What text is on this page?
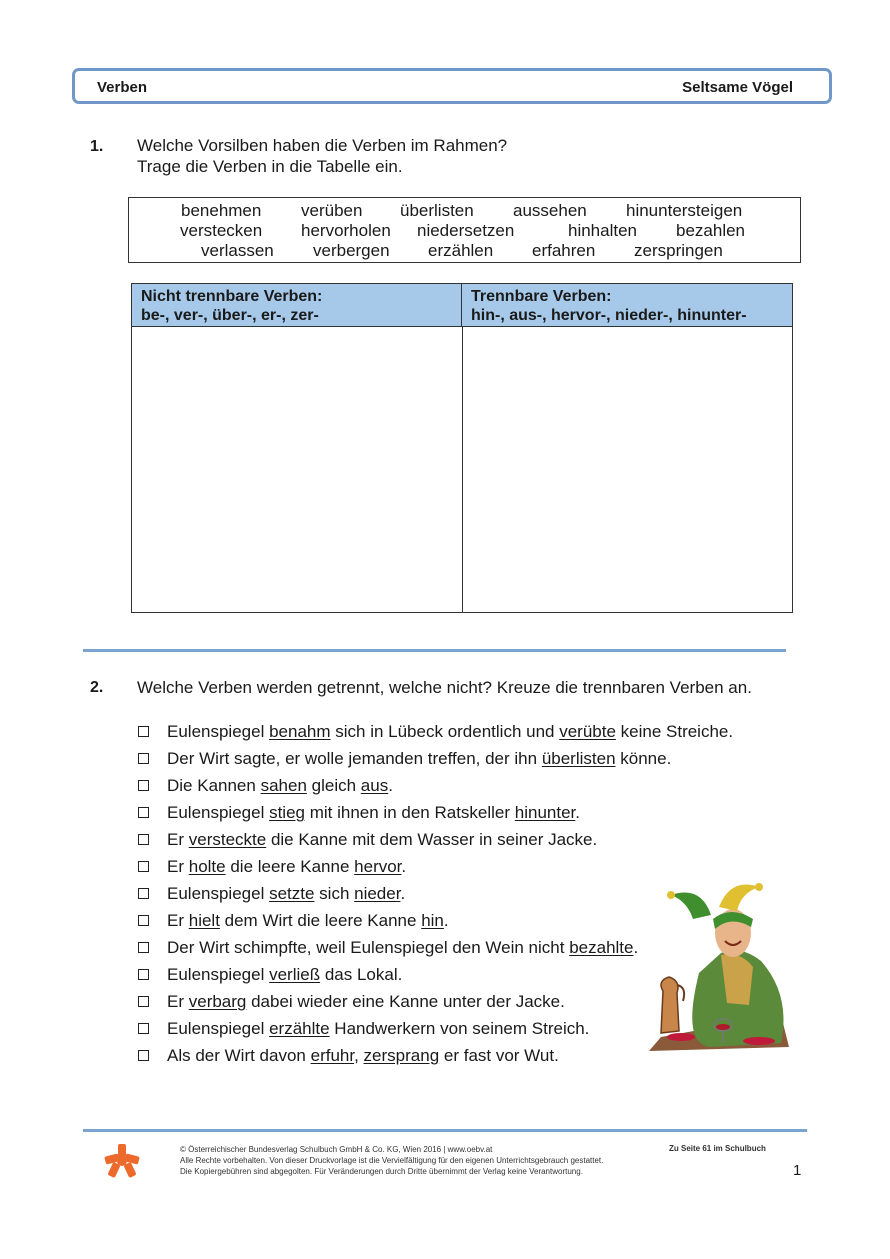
Verben	Seltsame Vögel
1. Welche Vorsilben haben die Verben im Rahmen?
Trage die Verben in die Tabelle ein.
benehmen verüben überlisten aussehen hinuntersteigen
verstecken hervorholen niedersetzen	hinhalten bezahlen
verlassen verbergen erzählen erfahren zerspringen
Nicht trennbare Verben:
be-, ver-, über-, er-, zer-
Trennbare Verben:
hin-, aus-, hervor-, nieder-, hinunter-
2. Welche Verben werden getrennt, welche nicht? Kreuze die trennbaren Verben an.
Eulenspiegel benahm sich in Lübeck ordentlich und verübte keine Streiche.
Der Wirt sagte, er wolle jemanden treffen, der ihn überlisten könne.
Die Kannen sahen gleich aus.
Eulenspiegel stieg mit ihnen in den Ratskeller hinunter.
Er versteckte die Kanne mit dem Wasser in seiner Jacke.
Er holte die leere Kanne hervor.
Eulenspiegel setzte sich nieder.
Er hielt dem Wirt die leere Kanne hin.
Der Wirt schimpfte, weil Eulenspiegel den Wein nicht bezahlte.
Eulenspiegel verließ das Lokal.
Er verbarg dabei wieder eine Kanne unter der Jacke.
Eulenspiegel erzählte Handwerkern von seinem Streich.
Als der Wirt davon erfuhr, zersprang er fast vor Wut.
© Österreichischer Bundesverlag Schulbuch GmbH & Co. KG, Wien 2016 | www.oebv.at
Alle Rechte vorbehalten. Von dieser Druckvorlage ist die Vervielfältigung für den eigenen Unterrichtsgebrauch gestattet.
Die Kopiergebühren sind abgegolten. Für Veränderungen durch Dritte übernimmt der Verlag keine Verantwortung.
Zu Seite 61 im Schulbuch
1
